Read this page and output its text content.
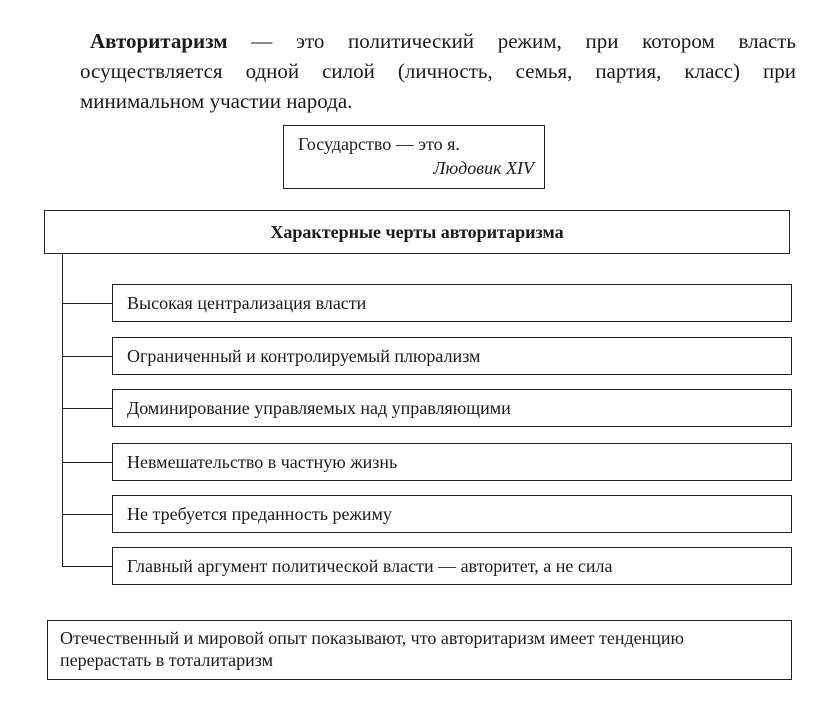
Авторитаризм — это политический режим, при котором власть осуществляется одной силой (личность, семья, партия, класс) при минимальном участии народа.

Государство — это я.
Людовик XIV
Характерные черты авторитаризма
Высокая централизация власти
Ограниченный и контролируемый плюрализм
Доминирование управляемых над управляющими
Невмешательство в частную жизнь
Не требуется преданность режиму
Главный аргумент политической власти — авторитет, а не сила
Отечественный и мировой опыт показывают, что авторитаризм имеет тенденцию перерастать в тоталитаризм
